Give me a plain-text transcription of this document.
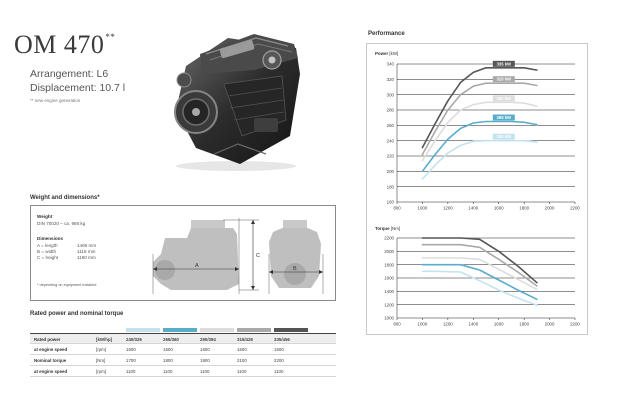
OM 470**
Arrangement: L6
Displacement: 10.7 l
** new engine generation
Weight and dimensions*
Weight
DIN 70020 – ca. 986 kg
Dimensions
A = length	1469 mm
B = width	1118 mm
C = height	1190 mm
* depending on equipment installed
A
C
B
Rated power and nominal torque
Rated power	[kW/hp]	240/326	265/360	290/394	315/428	335/456
at engine speed	[rpm]	1600	1600	1600	1600	1600
Nominal torque	[Nm]	1700	1800	1900	2100	2200
at engine speed	[rpm]	1100	1100	1100	1100	1100
Performance
Power [kW]
160
180
200
220
240
260
280
300
320
340
800	1000	1200	1400	1600	1800	2000	2200
335 kW
315 kW
290 kW
265 kW
240 kW
Torque [Nm]
1000
1200
1400
1600
1800
2000
2200
800	1000	1200	1400	1600	1800	2000	2200
